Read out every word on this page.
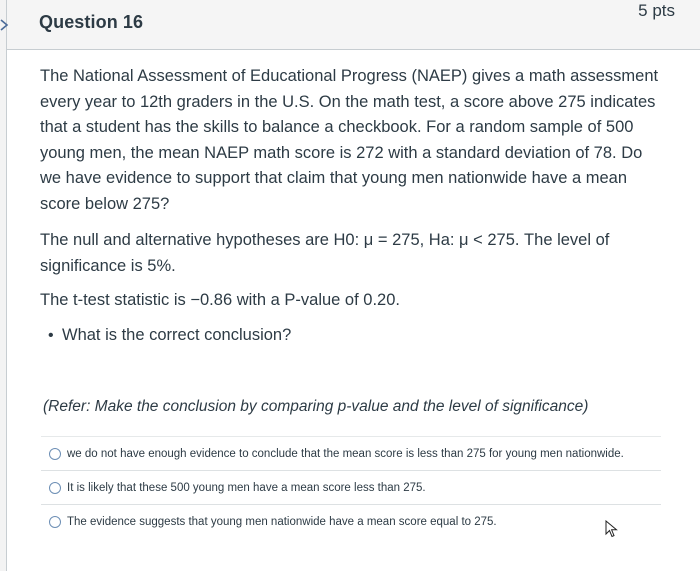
Question 16
5 pts

The National Assessment of Educational Progress (NAEP) gives a math assessment every year to 12th graders in the U.S. On the math test, a score above 275 indicates that a student has the skills to balance a checkbook. For a random sample of 500 young men, the mean NAEP math score is 272 with a standard deviation of 78. Do we have evidence to support that claim that young men nationwide have a mean score below 275?

The null and alternative hypotheses are H0: μ = 275, Ha: μ < 275. The level of significance is 5%.

The t-test statistic is −0.86 with a P-value of 0.20.

• What is the correct conclusion?
(Refer: Make the conclusion by comparing p-value and the level of significance)
we do not have enough evidence to conclude that the mean score is less than 275 for young men nationwide.
It is likely that these 500 young men have a mean score less than 275.
The evidence suggests that young men nationwide have a mean score equal to 275.
